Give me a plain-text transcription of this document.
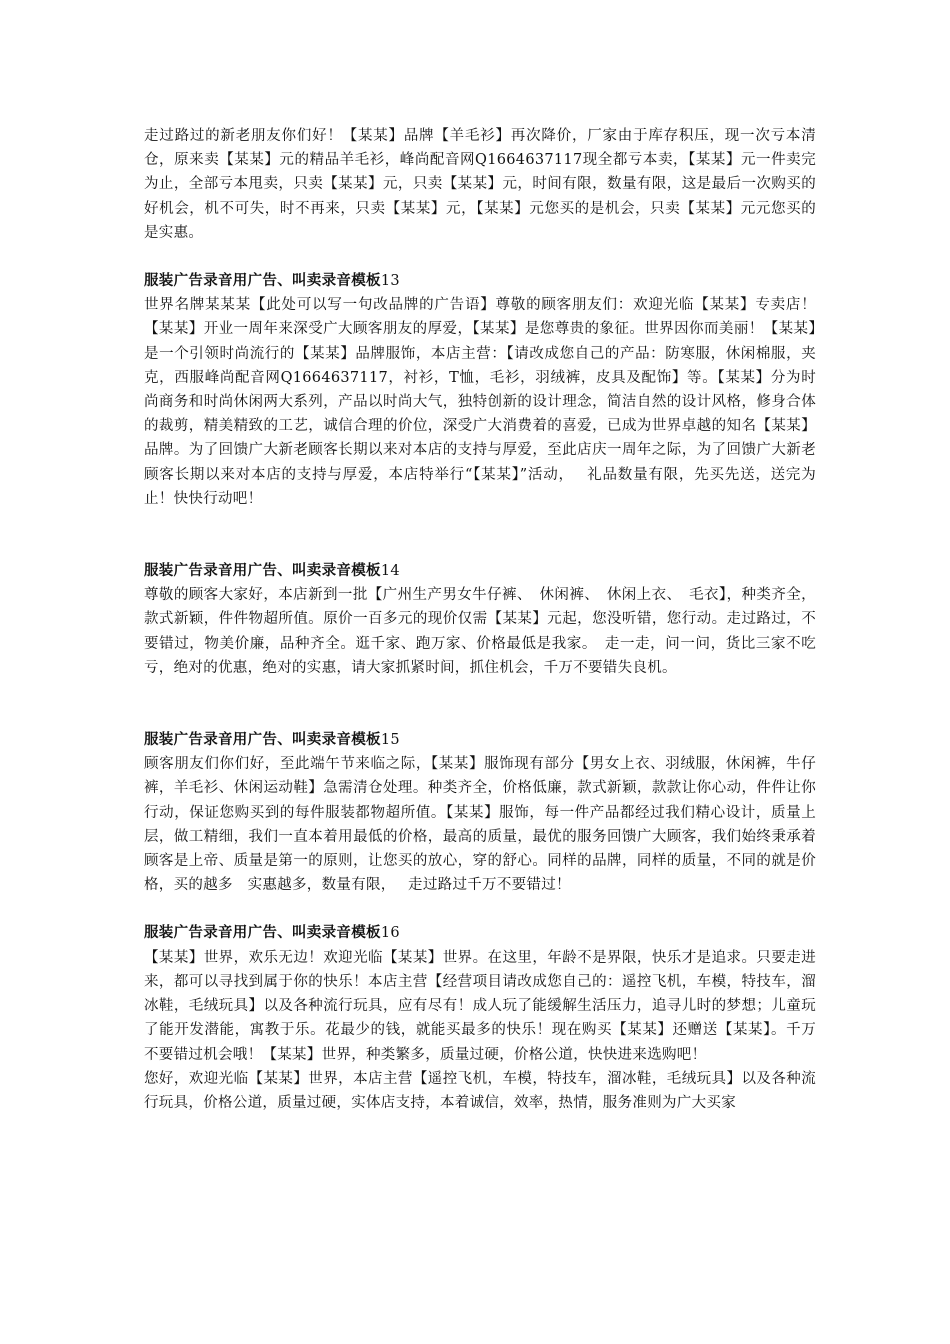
走过路过的新老朋友你们好！【某某】品牌【羊毛衫】再次降价，厂家由于库存积压，现一次亏本清仓，原来卖【某某】元的精品羊毛衫，峰尚配音网Q1664637117现全都亏本卖，【某某】元一件卖完为止，全部亏本甩卖，只卖【某某】元，只卖【某某】元，时间有限，数量有限，这是最后一次购买的好机会，机不可失，时不再来，只卖【某某】元，【某某】元您买的是机会，只卖【某某】元元您买的是实惠。

服装广告录音用广告、叫卖录音模板13

世界名牌某某某【此处可以写一句改品牌的广告语】尊敬的顾客朋友们：欢迎光临【某某】专卖店！【某某】开业一周年来深受广大顾客朋友的厚爱，【某某】是您尊贵的象征。世界因你而美丽！【某某】是一个引领时尚流行的【某某】品牌服饰，本店主营：【请改成您自己的产品：防寒服，休闲棉服，夹克，西服峰尚配音网Q1664637117，衬衫，T恤，毛衫，羽绒裤，皮具及配饰】等。【某某】分为时尚商务和时尚休闲两大系列，产品以时尚大气，独特创新的设计理念，简洁自然的设计风格，修身合体的裁剪，精美精致的工艺，诚信合理的价位，深受广大消费着的喜爱，已成为世界卓越的知名【某某】品牌。为了回馈广大新老顾客长期以来对本店的支持与厚爱，至此店庆一周年之际，为了回馈广大新老顾客长期以来对本店的支持与厚爱，本店特举行“【某某】”活动，　 礼品数量有限，先买先送，送完为止！快快行动吧！

服装广告录音用广告、叫卖录音模板14

尊敬的顾客大家好，本店新到一批【广州生产男女牛仔裤、　休闲裤、　休闲上衣、　毛衣】，种类齐全，款式新颖，件件物超所值。原价一百多元的现价仅需【某某】元起，您没听错，您行动。走过路过，不要错过，物美价廉，品种齐全。逛千家、跑万家、价格最低是我家。　走一走，问一问，货比三家不吃亏，绝对的优惠，绝对的实惠，请大家抓紧时间，抓住机会，千万不要错失良机。

服装广告录音用广告、叫卖录音模板15

顾客朋友们你们好，至此端午节来临之际，【某某】服饰现有部分【男女上衣、羽绒服，休闲裤，牛仔裤，羊毛衫、休闲运动鞋】急需清仓处理。种类齐全，价格低廉，款式新颖，款款让你心动，件件让你行动，保证您购买到的每件服装都物超所值。【某某】服饰，每一件产品都经过我们精心设计，质量上层，做工精细，我们一直本着用最低的价格，最高的质量，最优的服务回馈广大顾客，我们始终秉承着顾客是上帝、质量是第一的原则，让您买的放心，穿的舒心。同样的品牌，同样的质量，不同的就是价格，买的越多　实惠越多，数量有限，　 走过路过千万不要错过！

服装广告录音用广告、叫卖录音模板16

【某某】世界，欢乐无边！欢迎光临【某某】世界。在这里，年龄不是界限，快乐才是追求。只要走进来，都可以寻找到属于你的快乐！本店主营【经营项目请改成您自己的：遥控飞机，车模，特技车，溜冰鞋，毛绒玩具】以及各种流行玩具，应有尽有！成人玩了能缓解生活压力，追寻儿时的梦想；儿童玩了能开发潜能，寓教于乐。花最少的钱，就能买最多的快乐！现在购买【某某】还赠送【某某】。千万不要错过机会哦！【某某】世界，种类繁多，质量过硬，价格公道，快快进来选购吧！

您好，欢迎光临【某某】世界，本店主营【遥控飞机，车模，特技车，溜冰鞋，毛绒玩具】以及各种流行玩具，价格公道，质量过硬，实体店支持，本着诚信，效率，热情，服务准则为广大买家
